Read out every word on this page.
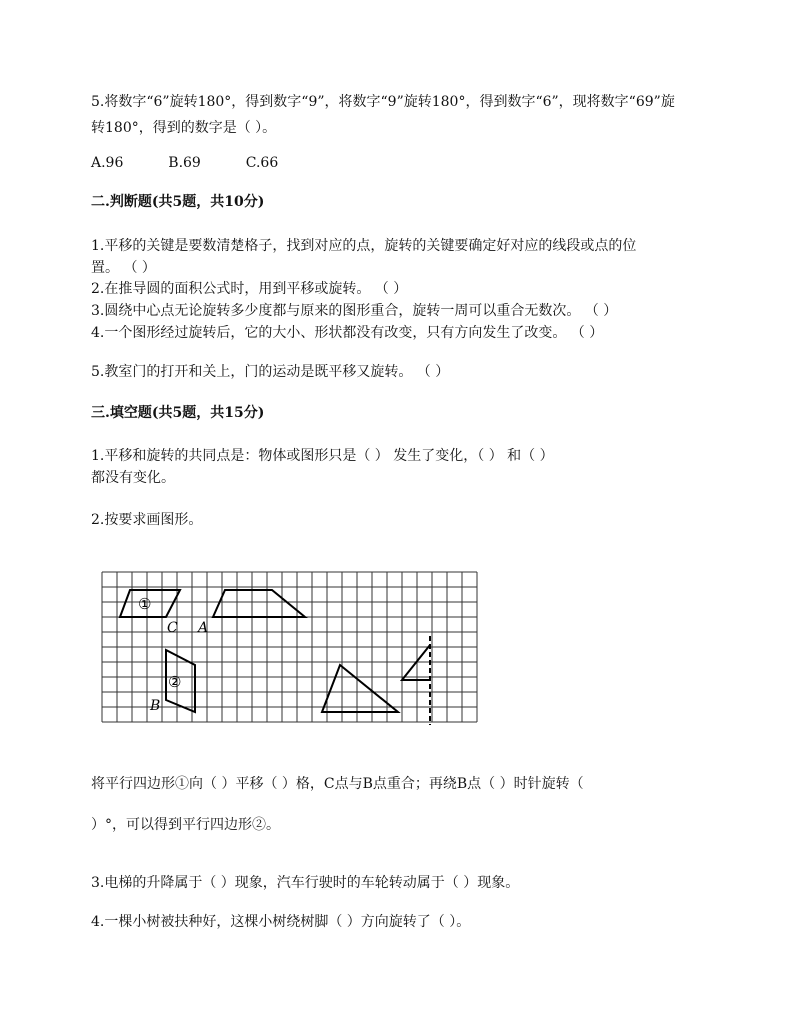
5.将数字“6”旋转180°，得到数字“9”，将数字“9”旋转180°，得到数字“6”，现将数字“69”旋
转180°，得到的数字是（ ）。
A.96	B.69	C.66
二.判断题(共5题，共10分)
1.平移的关键是要数清楚格子，找到对应的点，旋转的关键要确定好对应的线段或点的位
置。 （ ）
2.在推导圆的面积公式时，用到平移或旋转。 （ ）
3.圆绕中心点无论旋转多少度都与原来的图形重合，旋转一周可以重合无数次。 （ ）
4.一个图形经过旋转后，它的大小、形状都没有改变，只有方向发生了改变。 （ ）
5.教室门的打开和关上，门的运动是既平移又旋转。 （ ）
三.填空题(共5题，共15分)
1.平移和旋转的共同点是：物体或图形只是（ ） 发生了变化，（ ） 和（ ）
都没有变化。
2.按要求画图形。
①
C A
②
B
将平行四边形①向（ ）平移（ ）格，C点与B点重合；再绕B点（ ）时针旋转（
）°，可以得到平行四边形②。
3.电梯的升降属于（ ）现象，汽车行驶时的车轮转动属于（ ）现象。
4.一棵小树被扶种好，这棵小树绕树脚（ ）方向旋转了（ ）。
